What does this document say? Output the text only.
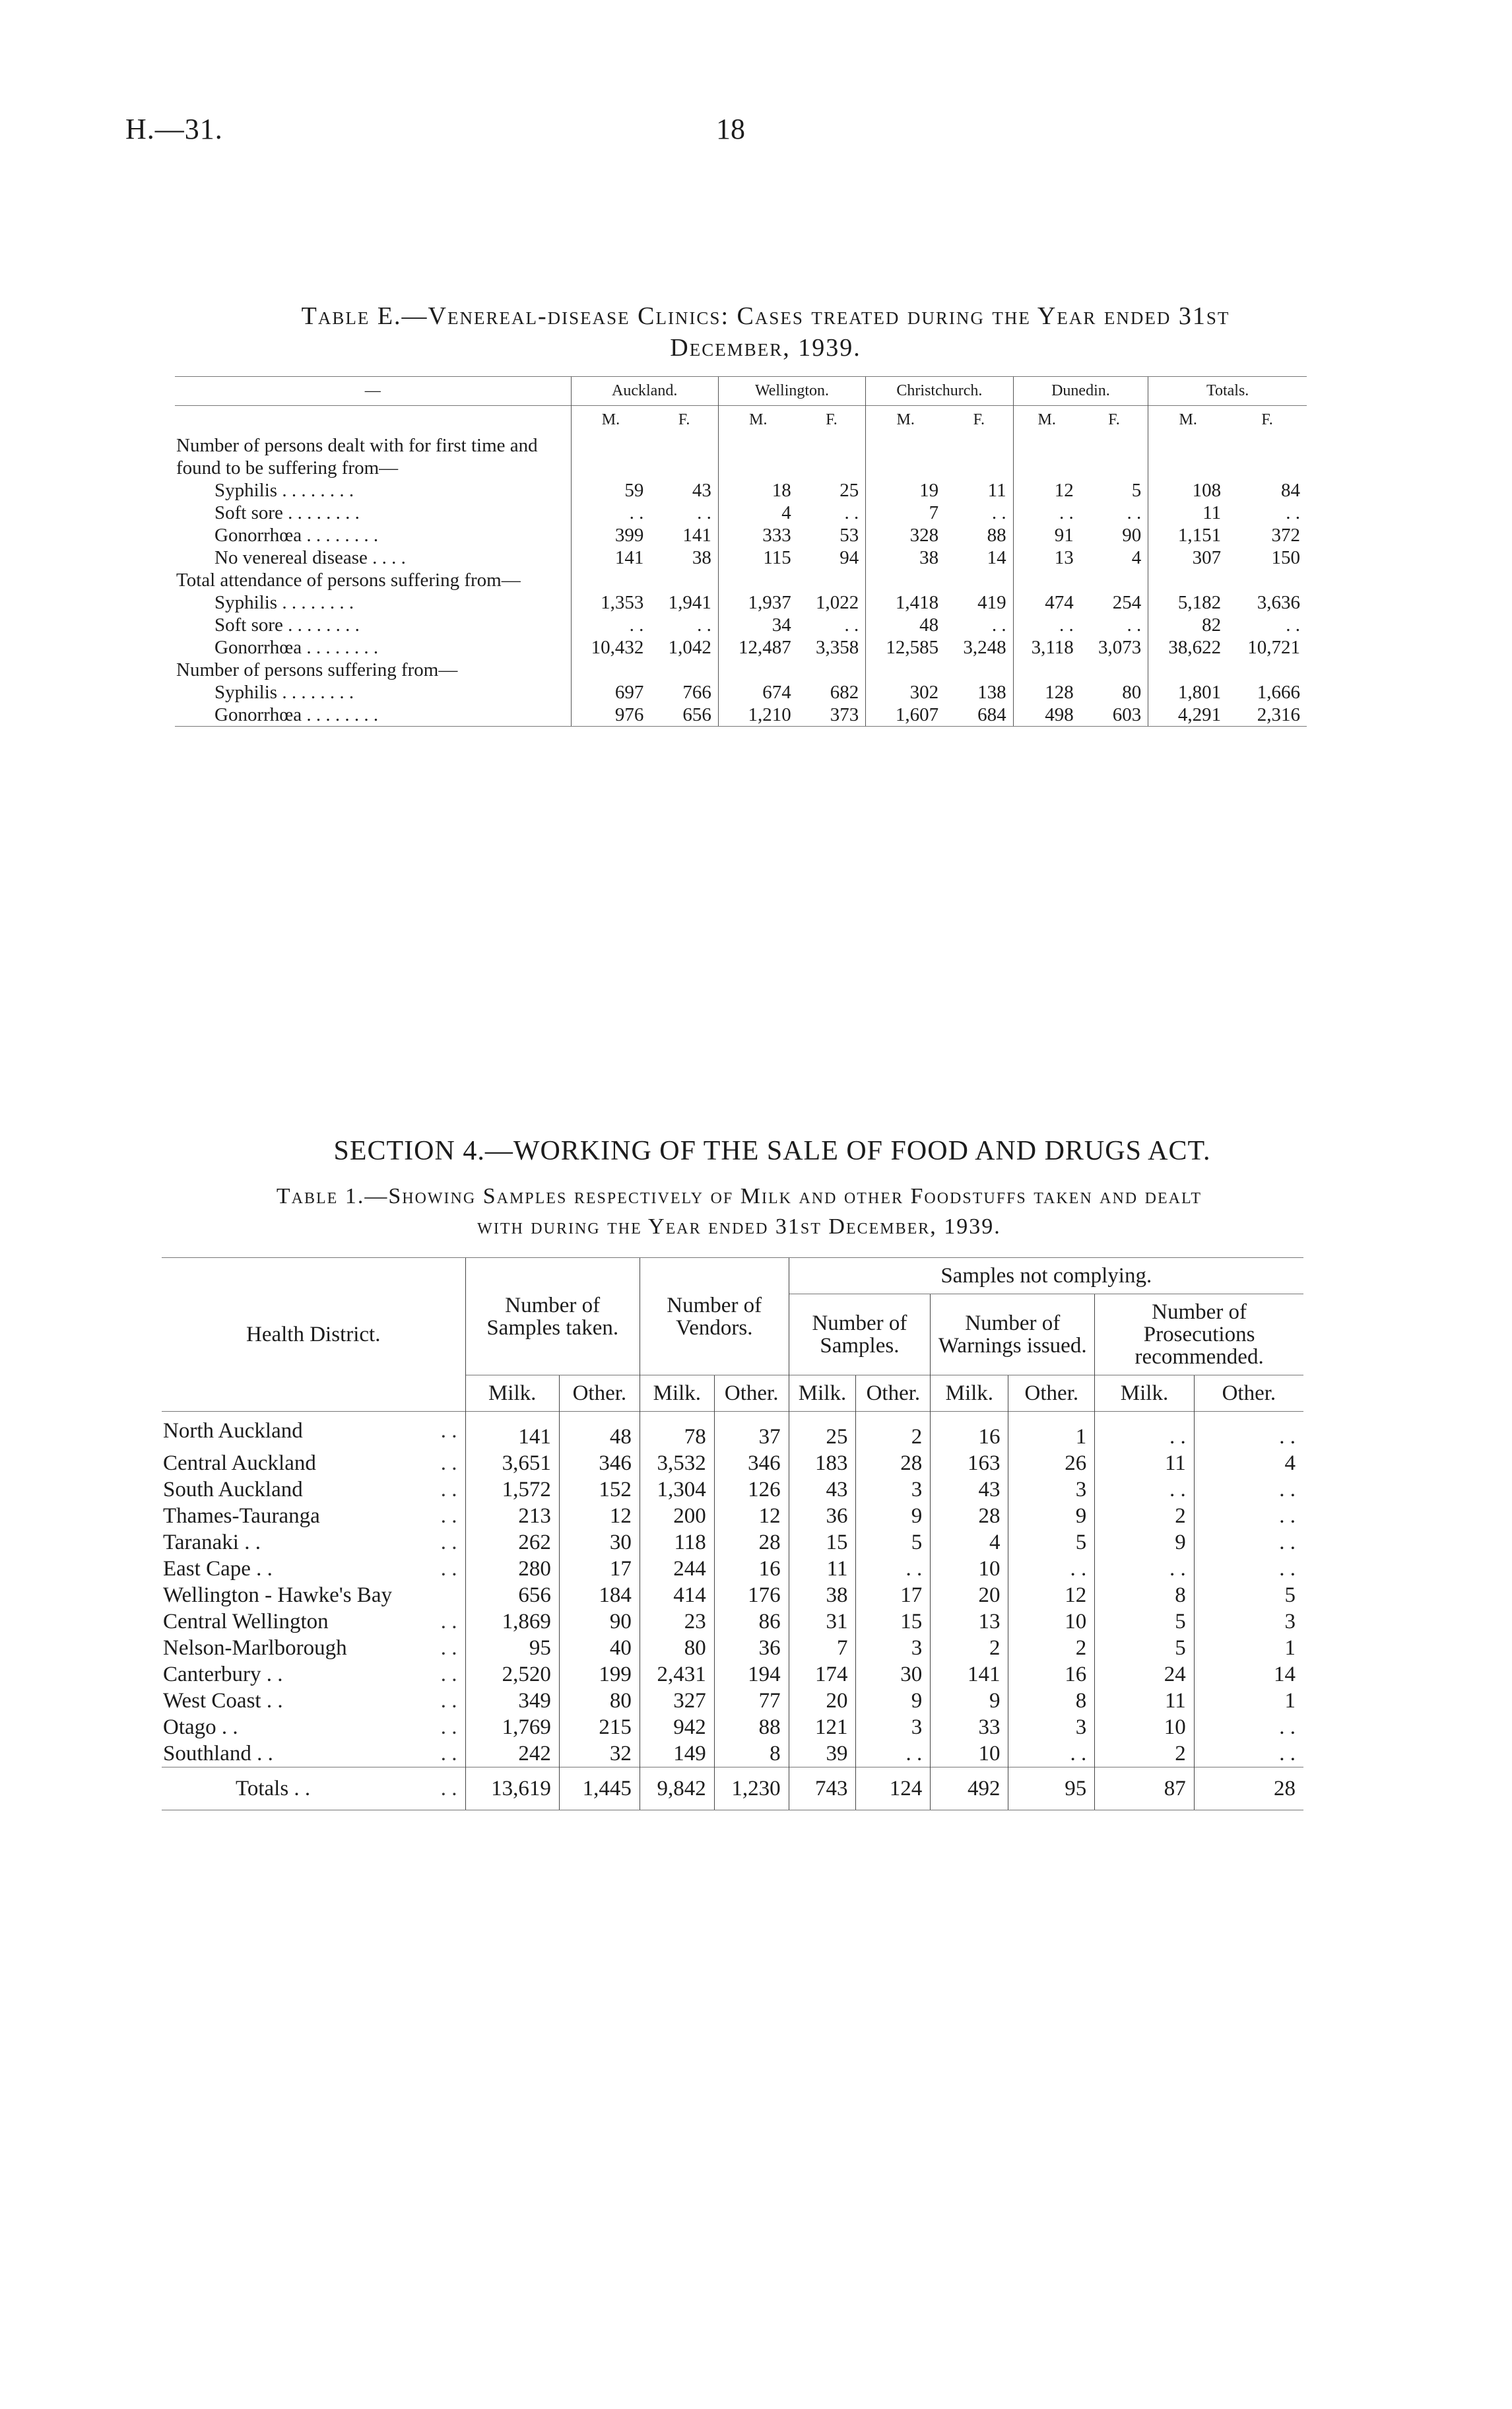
H.—31.	18
Table E.—Venereal-disease Clinics: Cases treated during the Year ended 31st
December, 1939.
—	Auckland.		Wellington.		Christchurch.		Dunedin.		Totals.	
	M.	F.	M.	F.	M.	F.	M.	F.	M.	F.
Number of persons dealt with for first time and found to be suffering from—										
Syphilis . . . . . . . .	59	43	18	25	19	11	12	5	108	84
Soft sore . . . . . . . .	. .	. .	4	. .	7	. .	. .	. .	11	. .
Gonorrhœa . . . . . . . .	399	141	333	53	328	88	91	90	1,151	372
No venereal disease . . . .	141	38	115	94	38	14	13	4	307	150
Total attendance of persons suffering from—										
Syphilis . . . . . . . .	1,353	1,941	1,937	1,022	1,418	419	474	254	5,182	3,636
Soft sore . . . . . . . .	. .	. .	34	. .	48	. .	. .	. .	82	. .
Gonorrhœa . . . . . . . .	10,432	1,042	12,487	3,358	12,585	3,248	3,118	3,073	38,622	10,721
Number of persons suffering from—										
Syphilis . . . . . . . .	697	766	674	682	302	138	128	80	1,801	1,666
Gonorrhœa . . . . . . . .	976	656	1,210	373	1,607	684	498	603	4,291	2,316
SECTION 4.—WORKING OF THE SALE OF FOOD AND DRUGS ACT.
Table 1.—Showing Samples respectively of Milk and other Foodstuffs taken and dealt
with during the Year ended 31st December, 1939.
Health District.	Number of Samples taken.		Number of Vendors.		Samples not complying.					
					Number of Samples.		Number of Warnings issued.		Number of Prosecutions recommended.	
	Milk.	Other.	Milk.	Other.	Milk.	Other.	Milk.	Other.	Milk.	Other.
North Auckland . .	141	48	78	37	25	2	16	1	. .	. .
Central Auckland . .	3,651	346	3,532	346	183	28	163	26	11	4
South Auckland . .	1,572	152	1,304	126	43	3	43	3	. .	. .
Thames-Tauranga . .	213	12	200	12	36	9	28	9	2	. .
Taranaki . . . .	262	30	118	28	15	5	4	5	9	. .
East Cape . . . .	280	17	244	16	11	. .	10	. .	. .	. .
Wellington - Hawke's Bay	656	184	414	176	38	17	20	12	8	5
Central Wellington . .	1,869	90	23	86	31	15	13	10	5	3
Nelson-Marlborough . .	95	40	80	36	7	3	2	2	5	1
Canterbury . . . .	2,520	199	2,431	194	174	30	141	16	24	14
West Coast . . . .	349	80	327	77	20	9	9	8	11	1
Otago . . . .	1,769	215	942	88	121	3	33	3	10	. .
Southland . . . .	242	32	149	8	39	. .	10	. .	2	. .
Totals . . . .	13,619	1,445	9,842	1,230	743	124	492	95	87	28
